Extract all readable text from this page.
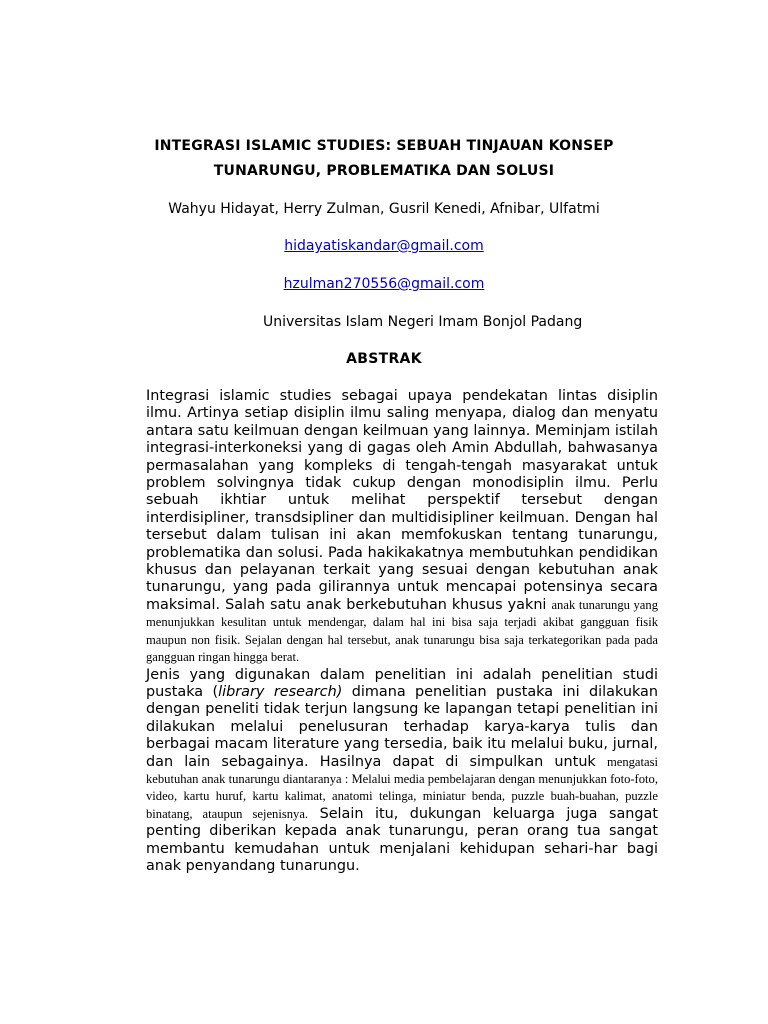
INTEGRASI ISLAMIC STUDIES: SEBUAH TINJAUAN KONSEP
TUNARUNGU, PROBLEMATIKA DAN SOLUSI
Wahyu Hidayat, Herry Zulman, Gusril Kenedi, Afnibar, Ulfatmi
hidayatiskandar@gmail.com
hzulman270556@gmail.com
Universitas Islam Negeri Imam Bonjol Padang
ABSTRAK
Integrasi islamic studies sebagai upaya pendekatan lintas disiplin ilmu. Artinya setiap disiplin ilmu saling menyapa, dialog dan menyatu antara satu keilmuan dengan keilmuan yang lainnya. Meminjam istilah integrasi-interkoneksi yang di gagas oleh Amin Abdullah, bahwasanya permasalahan yang kompleks di tengah-tengah masyarakat untuk problem solvingnya tidak cukup dengan monodisiplin ilmu. Perlu sebuah ikhtiar untuk melihat perspektif tersebut dengan interdisipliner, transdsipliner dan multidisipliner keilmuan. Dengan hal tersebut dalam tulisan ini akan memfokuskan tentang tunarungu, problematika dan solusi. Pada hakikakatnya membutuhkan pendidikan khusus dan pelayanan terkait yang sesuai dengan kebutuhan anak tunarungu, yang pada gilirannya untuk mencapai potensinya secara maksimal. Salah satu anak berkebutuhan khusus yakni anak tunarungu yang menunjukkan kesulitan untuk mendengar, dalam hal ini bisa saja terjadi akibat gangguan fisik maupun non fisik. Sejalan dengan hal tersebut, anak tunarungu bisa saja terkategorikan pada pada gangguan ringan hingga berat.
Jenis yang digunakan dalam penelitian ini adalah penelitian studi pustaka (library research) dimana penelitian pustaka ini dilakukan dengan peneliti tidak terjun langsung ke lapangan tetapi penelitian ini dilakukan melalui penelusuran terhadap karya-karya tulis dan berbagai macam literature yang tersedia, baik itu melalui buku, jurnal, dan lain sebagainya. Hasilnya dapat di simpulkan untuk mengatasi kebutuhan anak tunarungu diantaranya : Melalui media pembelajaran dengan menunjukkan foto-foto, video, kartu huruf, kartu kalimat, anatomi telinga, miniatur benda, puzzle buah-buahan, puzzle binatang, ataupun sejenisnya. Selain itu, dukungan keluarga juga sangat penting diberikan kepada anak tunarungu, peran orang tua sangat membantu kemudahan untuk menjalani kehidupan sehari-har bagi anak penyandang tunarungu.
